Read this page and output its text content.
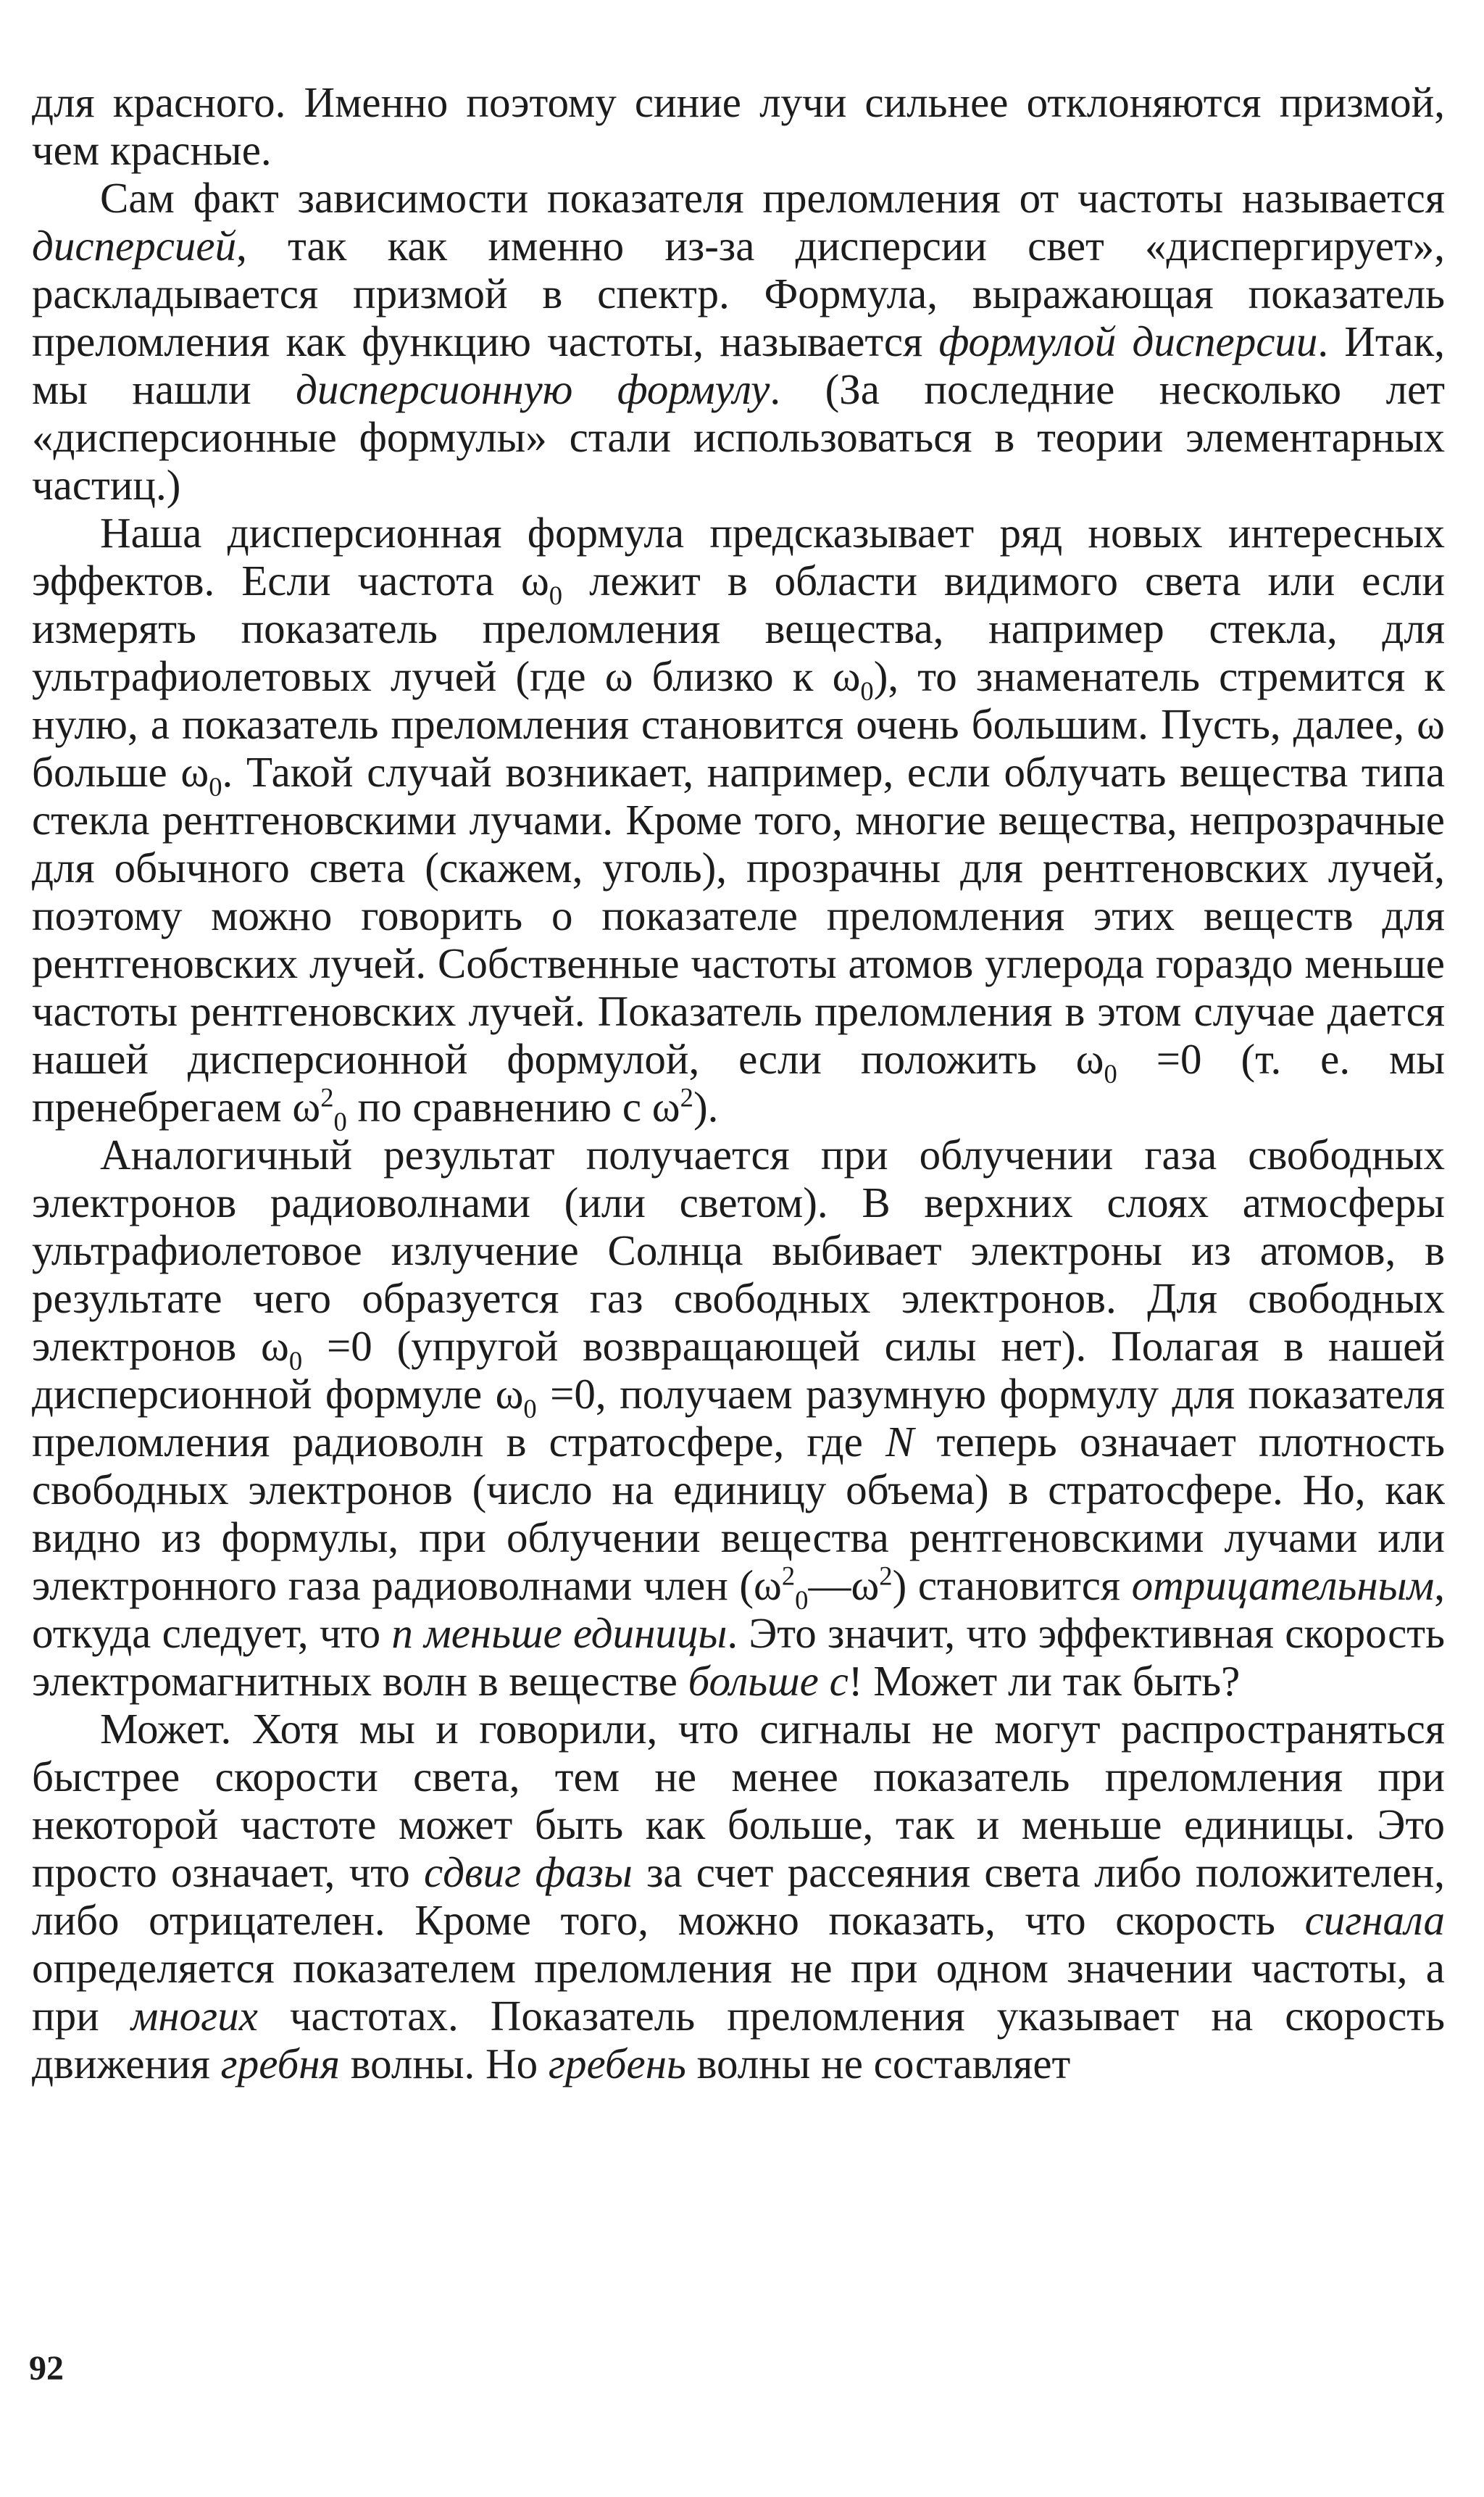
для красного. Именно поэтому синие лучи сильнее отклоняются призмой, чем красные.

Сам факт зависимости показателя преломления от частоты называется дисперсией, так как именно из-за дисперсии свет «диспергирует», раскладывается призмой в спектр. Формула, выражающая показатель преломления как функцию частоты, называется формулой дисперсии. Итак, мы нашли дисперсионную формулу. (За последние несколько лет «дисперсионные формулы» стали использоваться в теории элементарных частиц.)

Наша дисперсионная формула предсказывает ряд новых интересных эффектов. Если частота $\omega_0$ лежит в области видимого света или если измерять показатель преломления вещества, например стекла, для ультрафиолетовых лучей (где ω близко к $\omega_0$), то знаменатель стремится к нулю, а показатель преломления становится очень большим. Пусть, далее, ω больше $\omega_0$. Такой случай возникает, например, если облучать вещества типа стекла рентгеновскими лучами. Кроме того, многие вещества, непрозрачные для обычного света (скажем, уголь), прозрачны для рентгеновских лучей, поэтому можно говорить о показателе преломления этих веществ для рентгеновских лучей. Собственные частоты атомов углерода гораздо меньше частоты рентгеновских лучей. Показатель преломления в этом случае дается нашей дисперсионной формулой, если положить $\omega_0 =0$ (т. е. мы пренебрегаем $\omega^2_0$ по сравнению с $\omega^2$).

Аналогичный результат получается при облучении газа свободных электронов радиоволнами (или светом). В верхних слоях атмосферы ультрафиолетовое излучение Солнца выбивает электроны из атомов, в результате чего образуется газ свободных электронов. Для свободных электронов $\omega_0 =0$ (упругой возвращающей силы нет). Полагая в нашей дисперсионной формуле $\omega_0 =0$, получаем разумную формулу для показателя преломления радиоволн в стратосфере, где N теперь означает плотность свободных электронов (число на единицу объема) в стратосфере. Но, как видно из формулы, при облучении вещества рентгеновскими лучами или электронного газа радиоволнами член $(\omega^2_0—\omega^2)$ становится отрицательным, откуда следует, что n меньше единицы. Это значит, что эффективная скорость электромагнитных волн в веществе больше c! Может ли так быть?

Может. Хотя мы и говорили, что сигналы не могут распространяться быстрее скорости света, тем не менее показатель преломления при некоторой частоте может быть как больше, так и меньше единицы. Это просто означает, что сдвиг фазы за счет рассеяния света либо положителен, либо отрицателен. Кроме того, можно показать, что скорость сигнала определяется показателем преломления не при одном значении частоты, а при многих частотах. Показатель преломления указывает на скорость движения гребня волны. Но гребень волны не составляет

92
